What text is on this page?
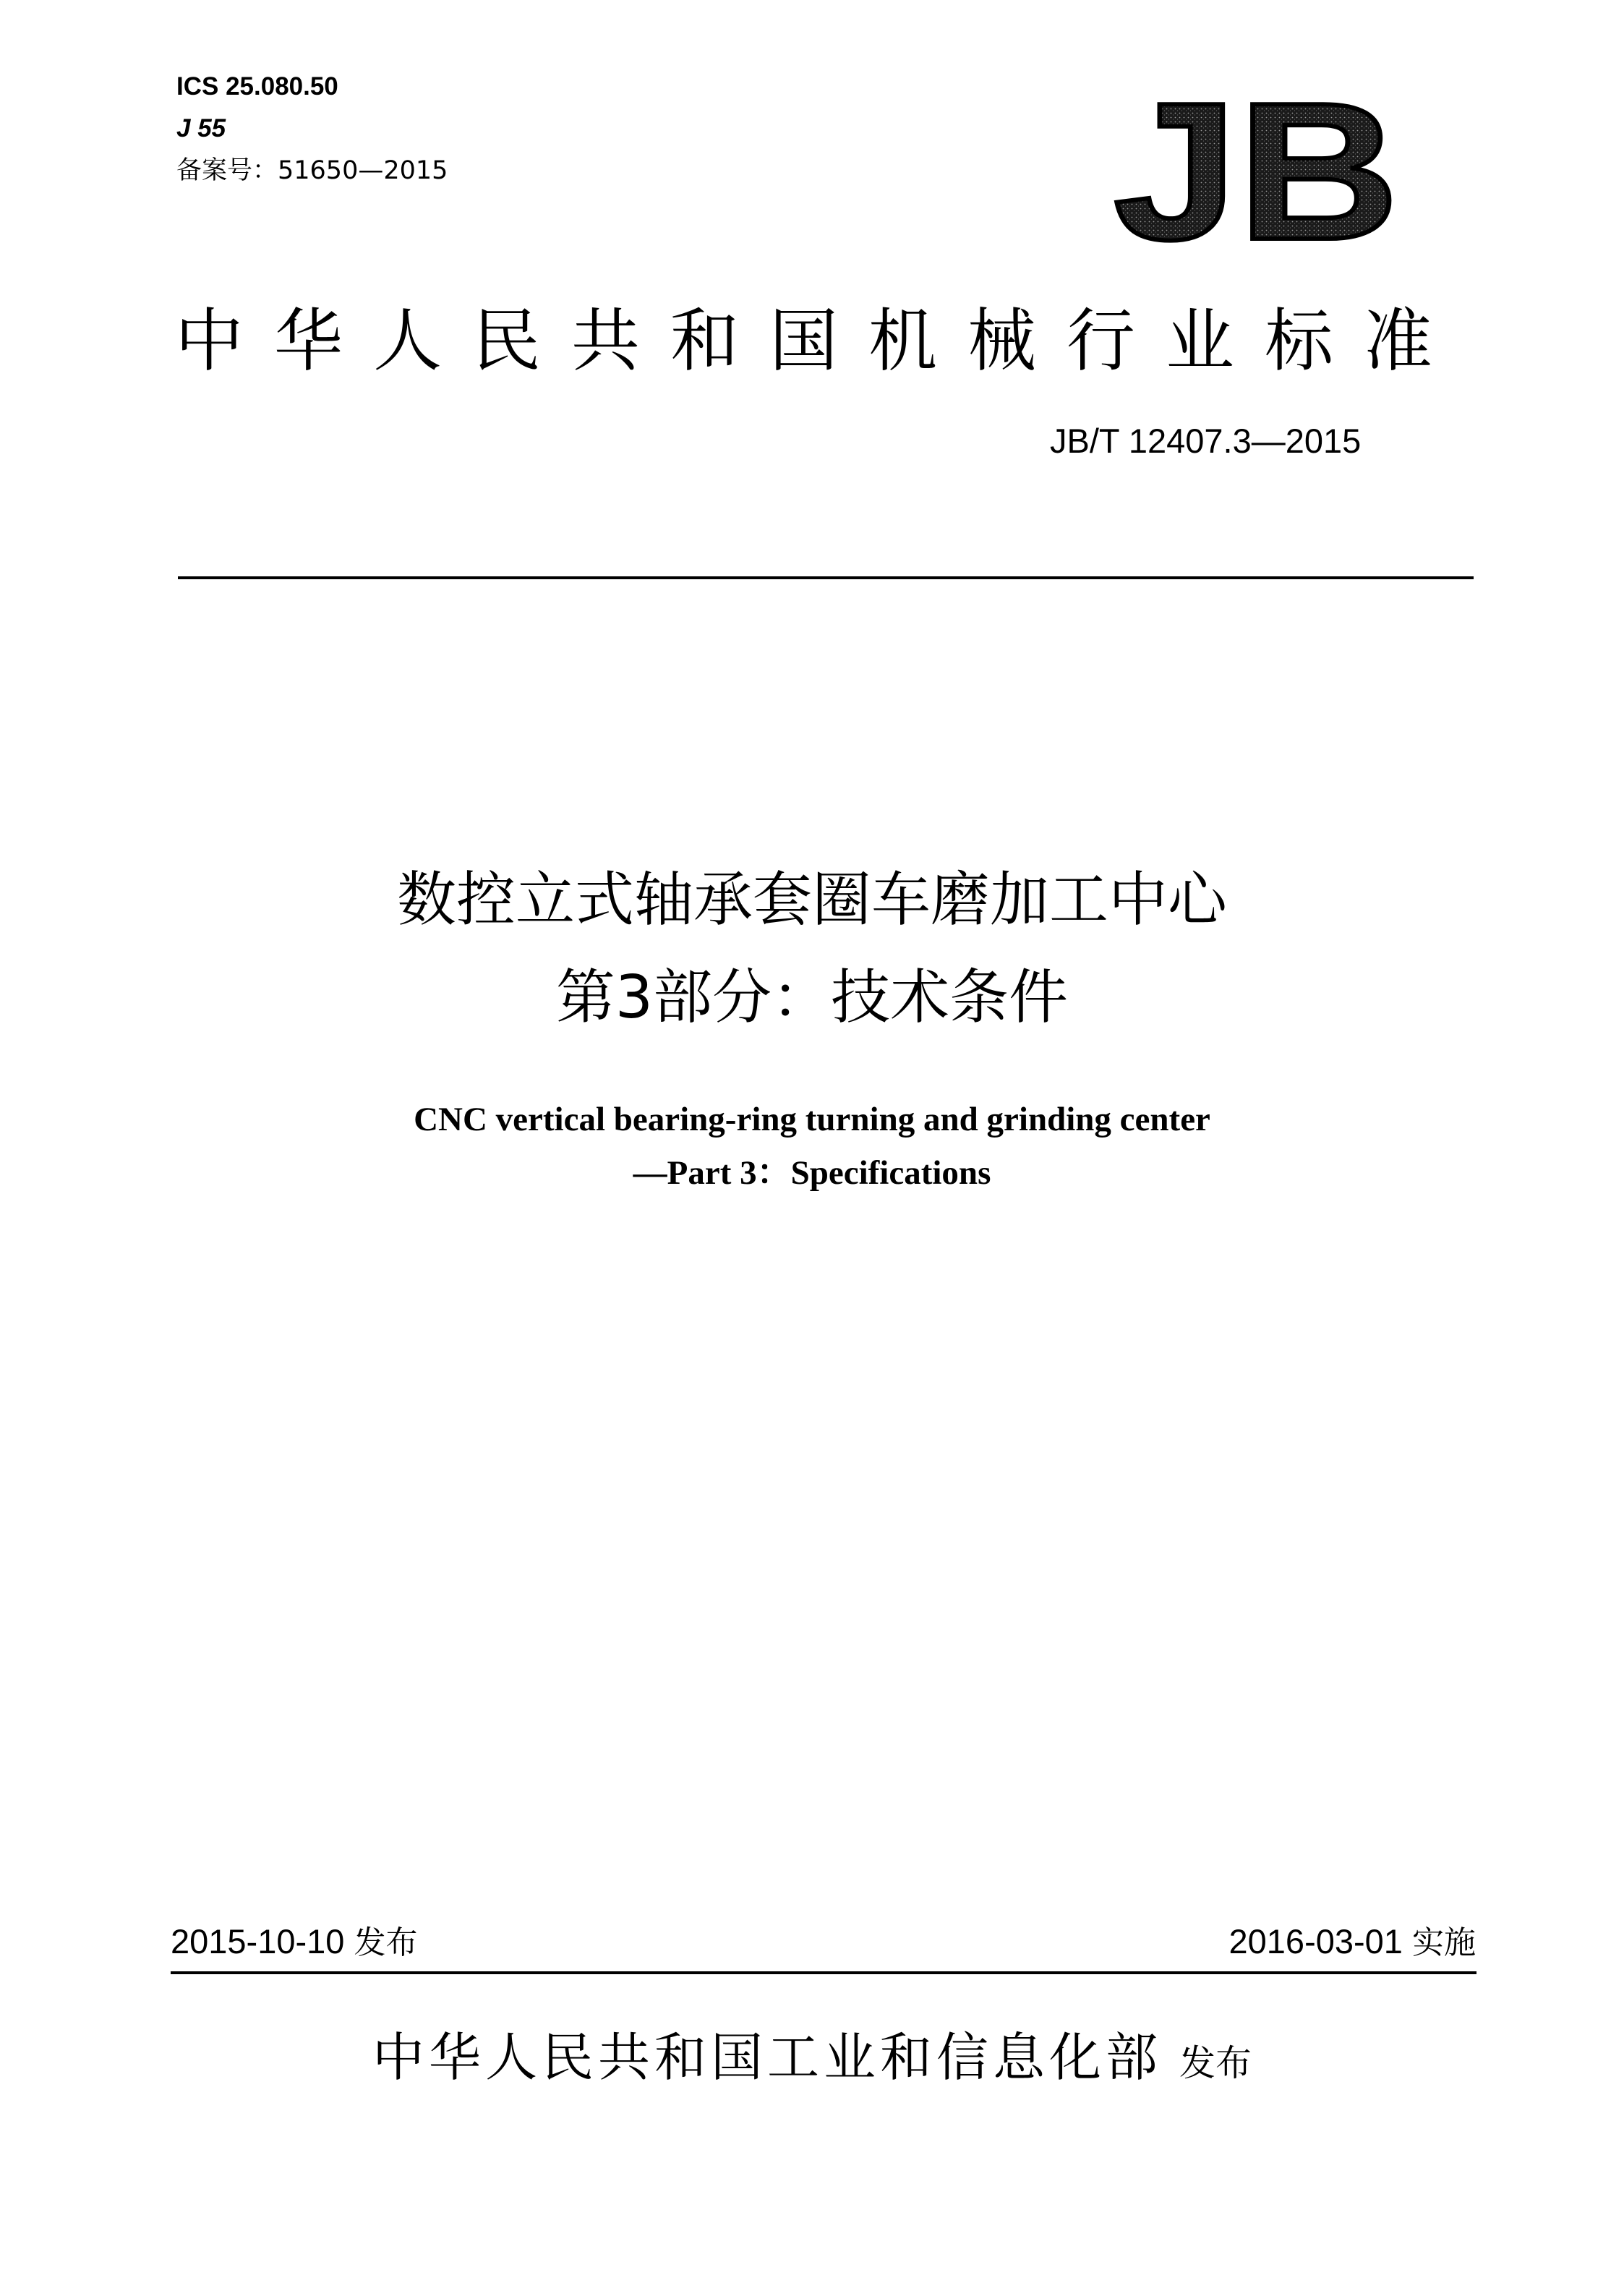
ICS 25.080.50
J 55
备案号：51650—2015	JB
中华人民共和国机械行业标准
JB/T 12407.3—2015
数控立式轴承套圈车磨加工中心
第3部分：技术条件
CNC vertical bearing-ring turning and grinding center
—Part 3：Specifications
2015-10-10 发布	2016-03-01 实施
中华人民共和国工业和信息化部 发布
